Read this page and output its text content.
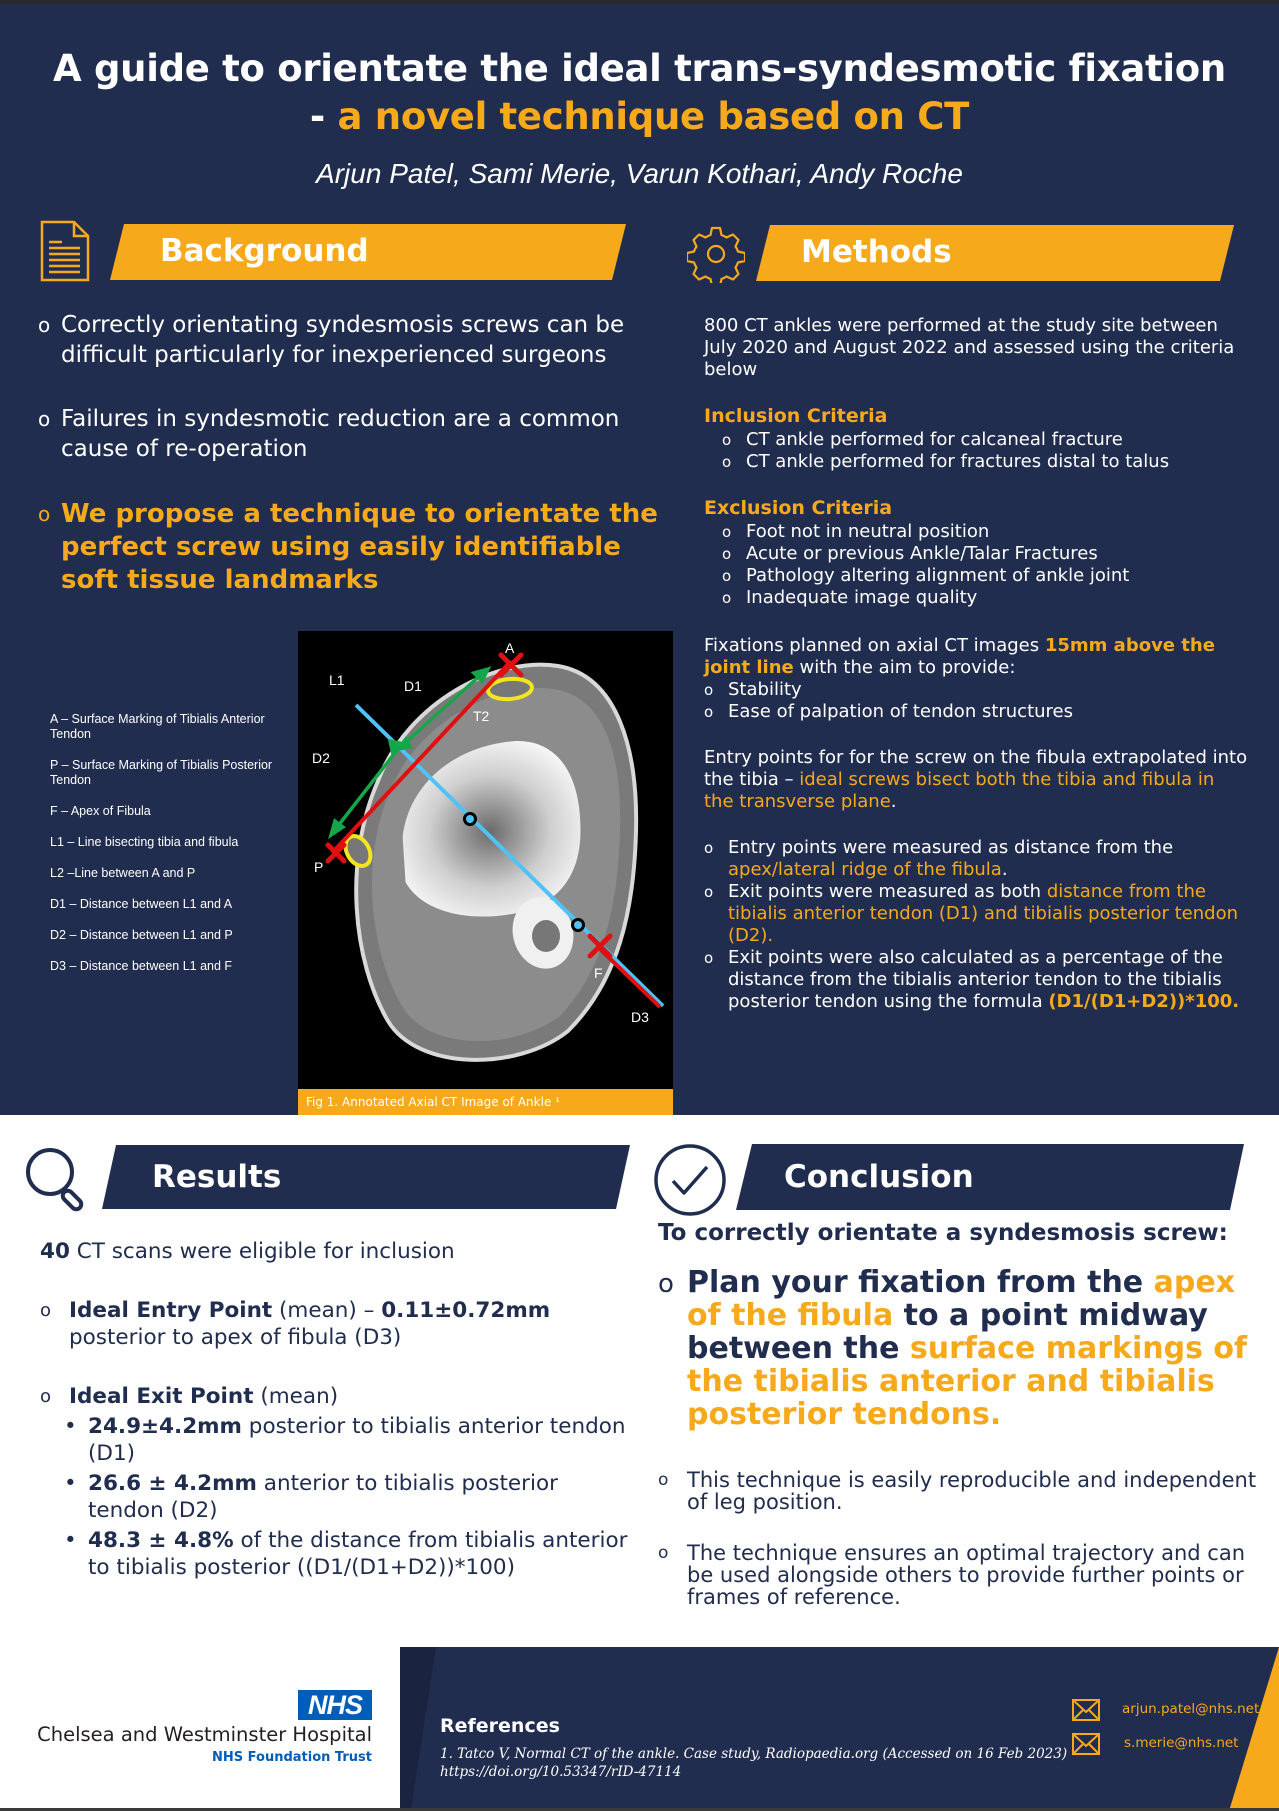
A guide to orientate the ideal trans-syndesmotic fixation
- a novel technique based on CT
Arjun Patel, Sami Merie, Varun Kothari, Andy Roche
Background
o Correctly orientating syndesmosis screws can be difficult particularly for inexperienced surgeons
o Failures in syndesmotic reduction are a common cause of re-operation
o We propose a technique to orientate the perfect screw using easily identifiable soft tissue landmarks
Methods

800 CT ankles were performed at the study site between July 2020 and August 2022 and assessed using the criteria below

Inclusion Criteria
o CT ankle performed for calcaneal fracture
o CT ankle performed for fractures distal to talus
Exclusion Criteria
o Foot not in neutral position
o Acute or previous Ankle/Talar Fractures
o Pathology altering alignment of ankle joint
o Inadequate image quality

Fixations planned on axial CT images 15mm above the joint line with the aim to provide:

o Stability
o Ease of palpation of tendon structures

Entry points for for the screw on the fibula extrapolated into the tibia – ideal screws bisect both the tibia and fibula in the transverse plane.

o Entry points were measured as distance from the apex/lateral ridge of the fibula.
o Exit points were measured as both distance from the tibialis anterior tendon (D1) and tibialis posterior tendon (D2).
o Exit points were also calculated as a percentage of the distance from the tibialis anterior tendon to the tibialis posterior tendon using the formula (D1/(D1+D2))*100.
A – Surface Marking of Tibialis Anterior Tendon
P – Surface Marking of Tibialis Posterior Tendon
F – Apex of Fibula
L1 – Line bisecting tibia and fibula
L2 –Line between A and P
D1 – Distance between L1 and A
D2 – Distance between L1 and P
D3 – Distance between L1 and F
A
L1	D1
T2
D2
P
F
D3
Fig 1. Annotated Axial CT Image of Ankle ¹
Results
40 CT scans were eligible for inclusion
o Ideal Entry Point (mean) – 0.11±0.72mm posterior to apex of fibula (D3)
o Ideal Exit Point (mean)
• 24.9±4.2mm posterior to tibialis anterior tendon (D1)
• 26.6 ± 4.2mm anterior to tibialis posterior tendon (D2)
• 48.3 ± 4.8% of the distance from tibialis anterior to tibialis posterior ((D1/(D1+D2))*100)
Conclusion
To correctly orientate a syndesmosis screw:
o Plan your fixation from the apex of the fibula to a point midway between the surface markings of the tibialis anterior and tibialis posterior tendons.
o This technique is easily reproducible and independent of leg position.
o The technique ensures an optimal trajectory and can be used alongside others to provide further points or frames of reference.
NHS
Chelsea and Westminster Hospital
NHS Foundation Trust
References
1. Tatco V, Normal CT of the ankle. Case study, Radiopaedia.org (Accessed on 16 Feb 2023)
https://doi.org/10.53347/rID-47114
arjun.patel@nhs.net
s.merie@nhs.net
